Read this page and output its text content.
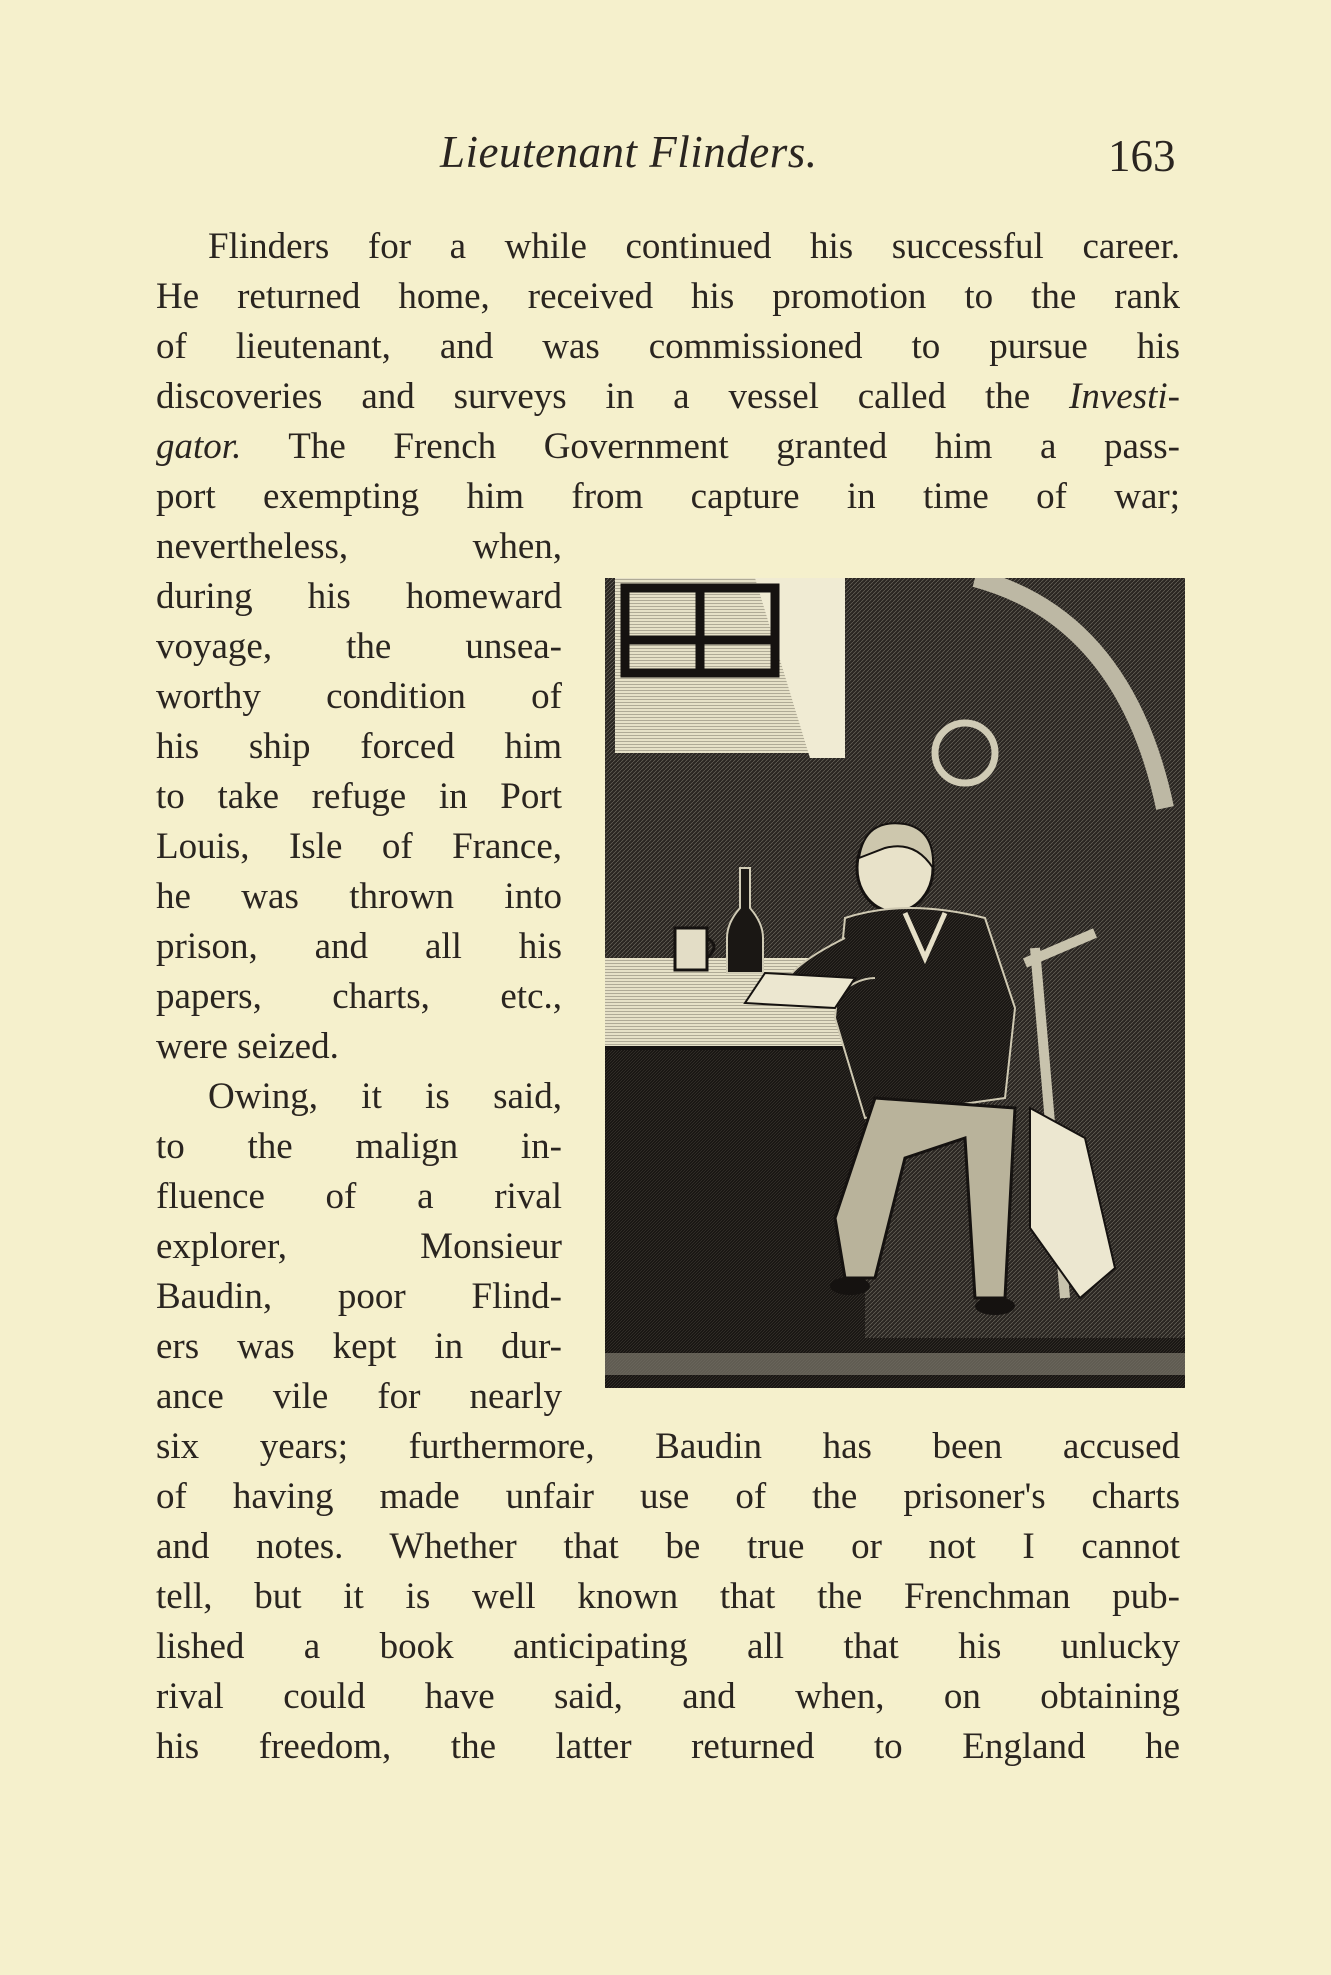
Lieutenant Flinders.	163
Flinders for a while continued his successful career.
He returned home, received his promotion to the rank
of lieutenant, and was commissioned to pursue his
discoveries and surveys in a vessel called the Investi-
gator. The French Government granted him a pass-
port exempting him from capture in time of war;
nevertheless, when,
during his homeward
voyage, the unsea-
worthy condition of
his ship forced him
to take refuge in Port
Louis, Isle of France,
he was thrown into
prison, and all his
papers, charts, etc.,
were seized.
Owing, it is said,
to the malign in-
fluence of a rival
explorer, Monsieur
Baudin, poor Flind-
ers was kept in dur-
ance vile for nearly
six years; furthermore, Baudin has been accused
of having made unfair use of the prisoner's charts
and notes. Whether that be true or not I cannot
tell, but it is well known that the Frenchman pub-
lished a book anticipating all that his unlucky
rival could have said, and when, on obtaining
his freedom, the latter returned to England he
